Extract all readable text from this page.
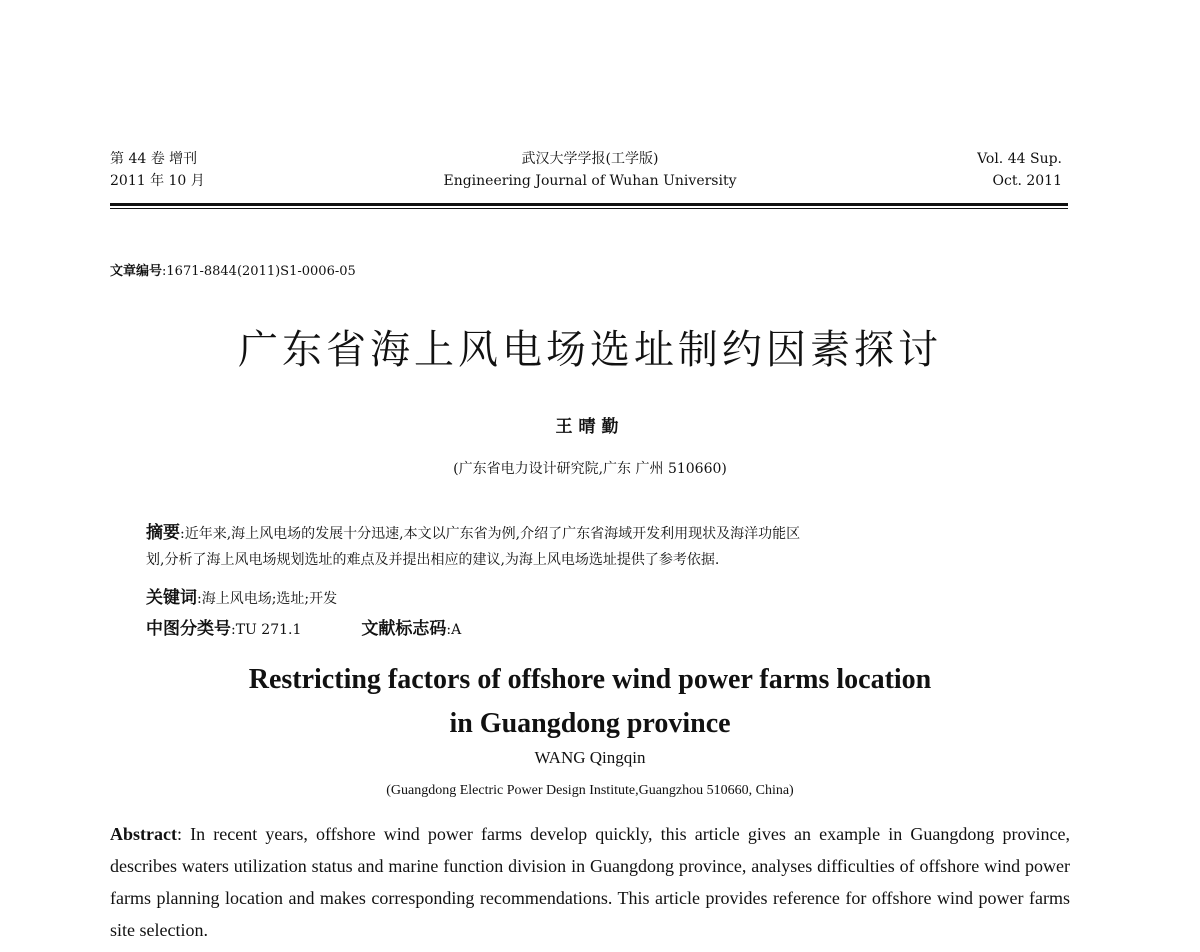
第 44 卷 增刊
2011 年 10 月
武汉大学学报(工学版)
Engineering Journal of Wuhan University
Vol. 44 Sup.
Oct. 2011
文章编号:1671-8844(2011)S1-0006-05
广东省海上风电场选址制约因素探讨
王晴勤
(广东省电力设计研究院,广东 广州 510660)
摘要:近年来,海上风电场的发展十分迅速,本文以广东省为例,介绍了广东省海域开发利用现状及海洋功能区
划,分析了海上风电场规划选址的难点及并提出相应的建议,为海上风电场选址提供了参考依据.
关键词:海上风电场;选址;开发
中图分类号:TU 271.1	文献标志码:A
Restricting factors of offshore wind power farms location
in Guangdong province
WANG Qingqin
(Guangdong Electric Power Design Institute,Guangzhou 510660, China)
Abstract: In recent years, offshore wind power farms develop quickly, this article gives an example in Guangdong province, describes waters utilization status and marine function division in Guangdong province, analyses difficulties of offshore wind power farms planning location and makes corresponding recommendations. This article provides reference for offshore wind power farms site selection.
